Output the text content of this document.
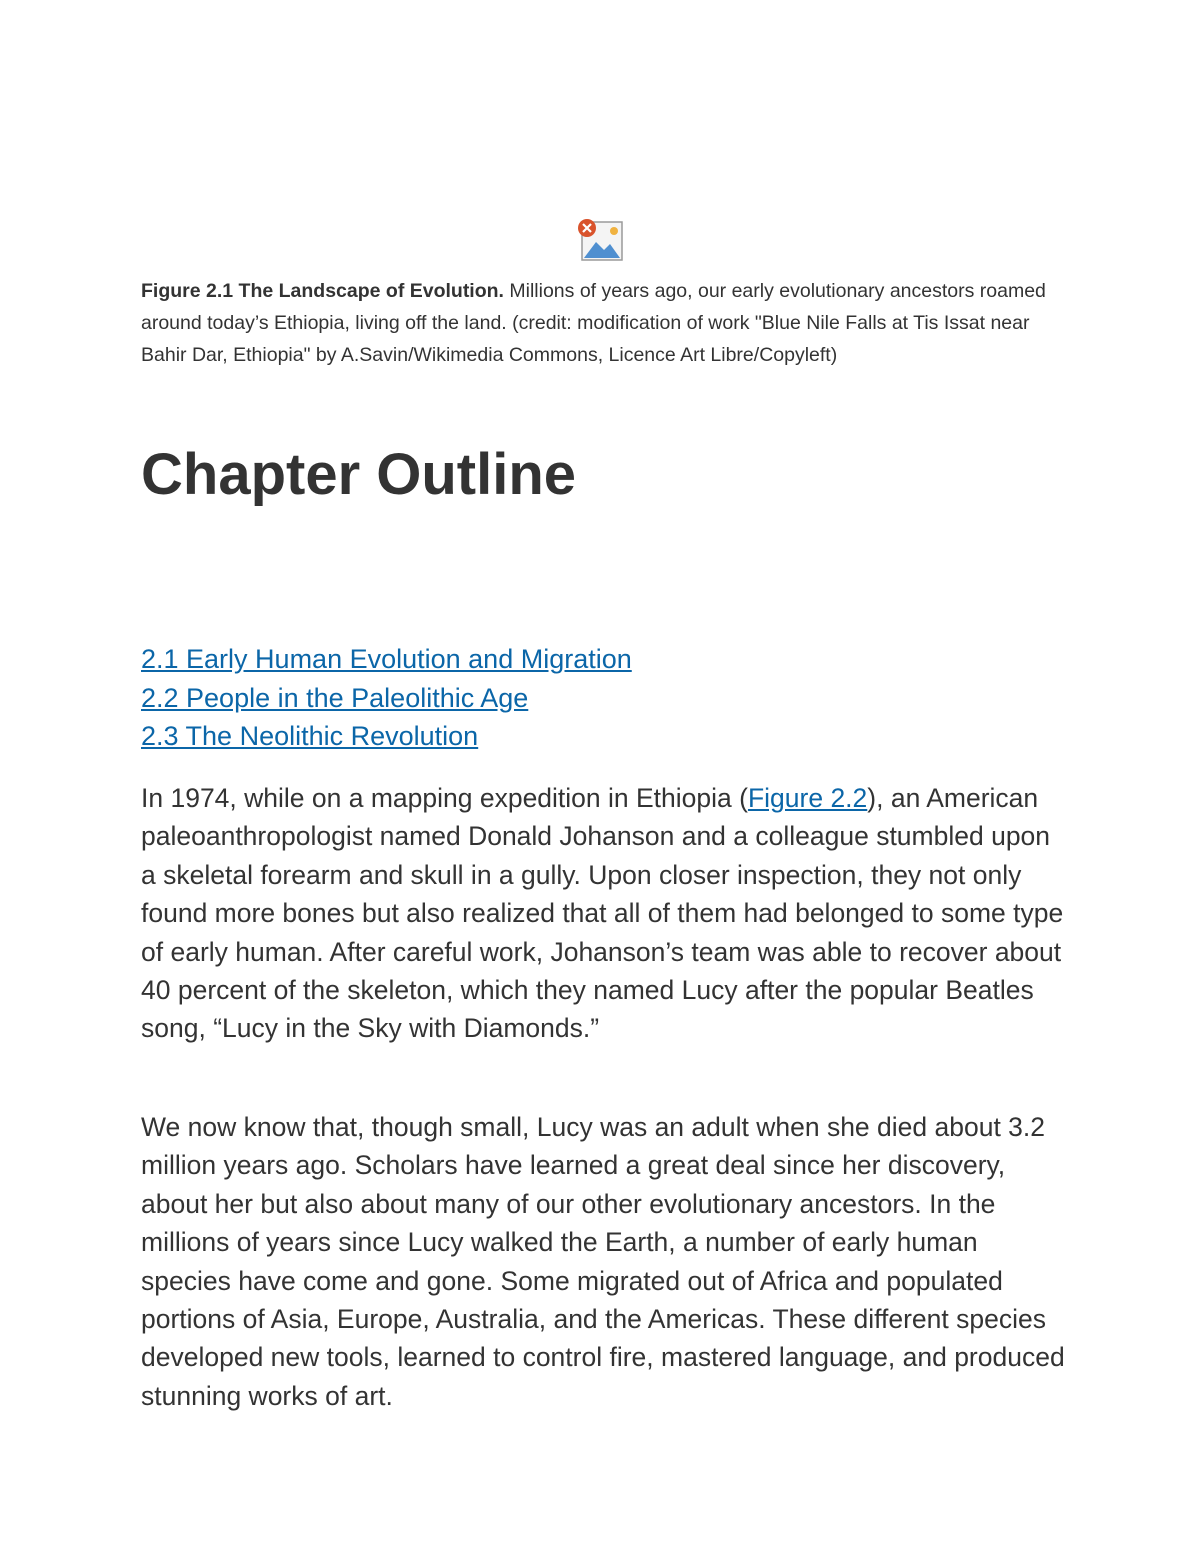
Figure 2.1 The Landscape of Evolution. Millions of years ago, our early evolutionary ancestors roamed around today’s Ethiopia, living off the land. (credit: modification of work "Blue Nile Falls at Tis Issat near Bahir Dar, Ethiopia" by A.Savin/Wikimedia Commons, Licence Art Libre/Copyleft)
Chapter Outline
2.1 Early Human Evolution and Migration
2.2 People in the Paleolithic Age
2.3 The Neolithic Revolution

In 1974, while on a mapping expedition in Ethiopia (Figure 2.2), an American paleoanthropologist named Donald Johanson and a colleague stumbled upon a skeletal forearm and skull in a gully. Upon closer inspection, they not only found more bones but also realized that all of them had belonged to some type of early human. After careful work, Johanson’s team was able to recover about 40 percent of the skeleton, which they named Lucy after the popular Beatles song, “Lucy in the Sky with Diamonds.”

We now know that, though small, Lucy was an adult when she died about 3.2 million years ago. Scholars have learned a great deal since her discovery, about her but also about many of our other evolutionary ancestors. In the millions of years since Lucy walked the Earth, a number of early human species have come and gone. Some migrated out of Africa and populated portions of Asia, Europe, Australia, and the Americas. These different species developed new tools, learned to control fire, mastered language, and produced stunning works of art.
